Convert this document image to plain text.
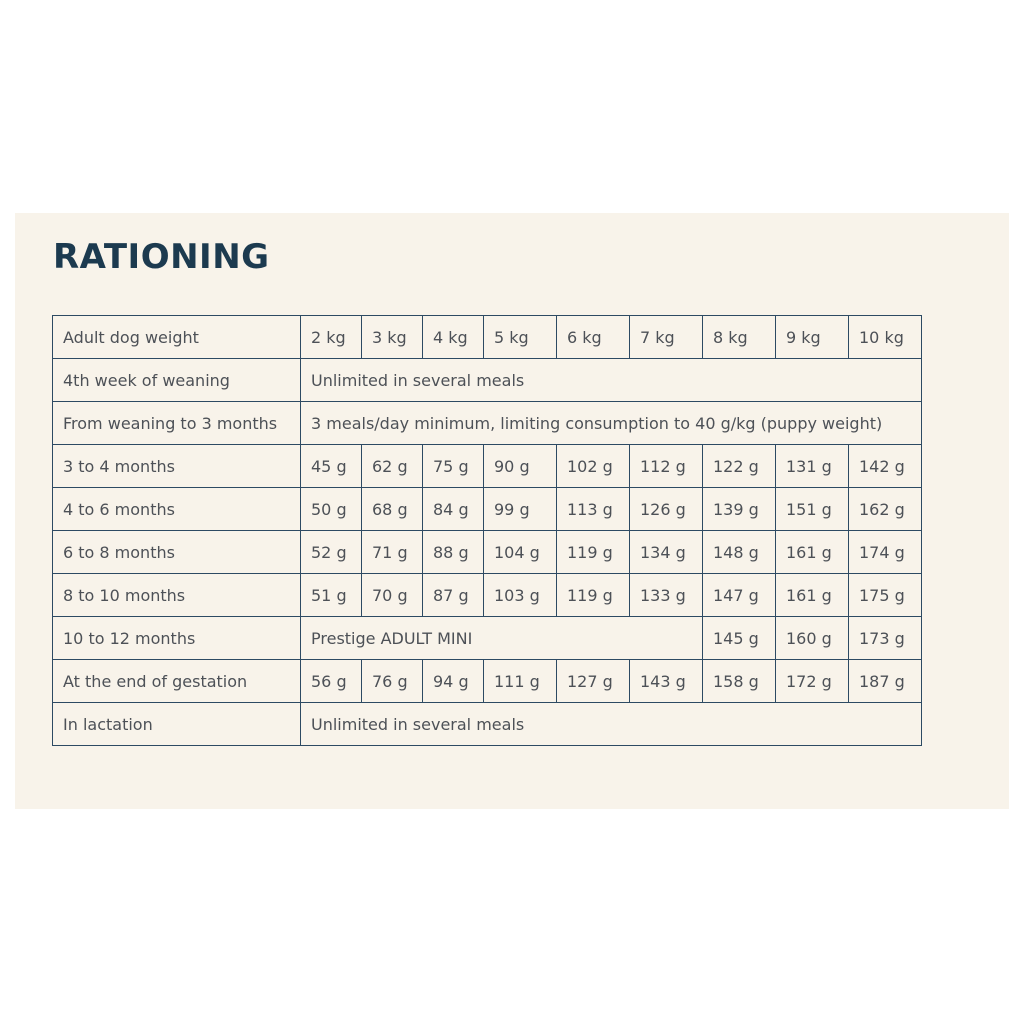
RATIONING
Adult dog weight	2 kg	3 kg	4 kg	5 kg	6 kg	7 kg	8 kg	9 kg	10 kg
4th week of weaning	Unlimited in several meals								
From weaning to 3 months	3 meals/day minimum, limiting consumption to 40 g/kg (puppy weight)								
3 to 4 months	45 g	62 g	75 g	90 g	102 g	112 g	122 g	131 g	142 g
4 to 6 months	50 g	68 g	84 g	99 g	113 g	126 g	139 g	151 g	162 g
6 to 8 months	52 g	71 g	88 g	104 g	119 g	134 g	148 g	161 g	174 g
8 to 10 months	51 g	70 g	87 g	103 g	119 g	133 g	147 g	161 g	175 g
10 to 12 months	Prestige ADULT MINI						145 g	160 g	173 g
At the end of gestation	56 g	76 g	94 g	111 g	127 g	143 g	158 g	172 g	187 g
In lactation	Unlimited in several meals								
